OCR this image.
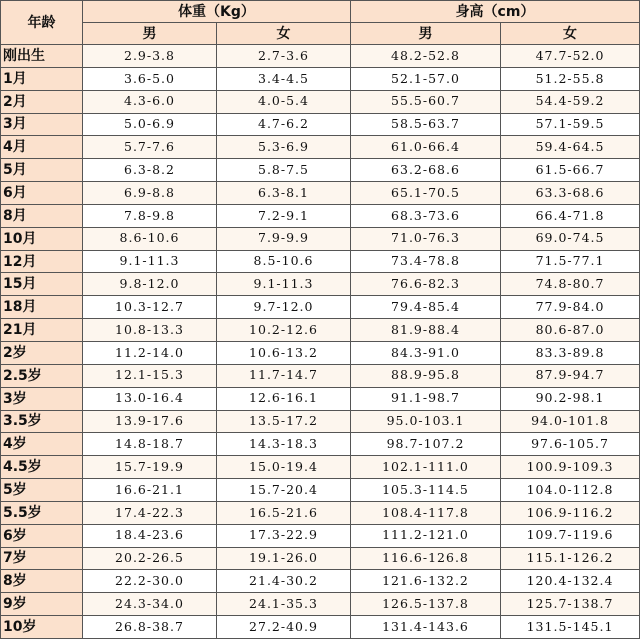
年龄	体重（Kg）		身高（cm）	
	男	女	男	女
刚出生	2.9-3.8	2.7-3.6	48.2-52.8	47.7-52.0
1月	3.6-5.0	3.4-4.5	52.1-57.0	51.2-55.8
2月	4.3-6.0	4.0-5.4	55.5-60.7	54.4-59.2
3月	5.0-6.9	4.7-6.2	58.5-63.7	57.1-59.5
4月	5.7-7.6	5.3-6.9	61.0-66.4	59.4-64.5
5月	6.3-8.2	5.8-7.5	63.2-68.6	61.5-66.7
6月	6.9-8.8	6.3-8.1	65.1-70.5	63.3-68.6
8月	7.8-9.8	7.2-9.1	68.3-73.6	66.4-71.8
10月	8.6-10.6	7.9-9.9	71.0-76.3	69.0-74.5
12月	9.1-11.3	8.5-10.6	73.4-78.8	71.5-77.1
15月	9.8-12.0	9.1-11.3	76.6-82.3	74.8-80.7
18月	10.3-12.7	9.7-12.0	79.4-85.4	77.9-84.0
21月	10.8-13.3	10.2-12.6	81.9-88.4	80.6-87.0
2岁	11.2-14.0	10.6-13.2	84.3-91.0	83.3-89.8
2.5岁	12.1-15.3	11.7-14.7	88.9-95.8	87.9-94.7
3岁	13.0-16.4	12.6-16.1	91.1-98.7	90.2-98.1
3.5岁	13.9-17.6	13.5-17.2	95.0-103.1	94.0-101.8
4岁	14.8-18.7	14.3-18.3	98.7-107.2	97.6-105.7
4.5岁	15.7-19.9	15.0-19.4	102.1-111.0	100.9-109.3
5岁	16.6-21.1	15.7-20.4	105.3-114.5	104.0-112.8
5.5岁	17.4-22.3	16.5-21.6	108.4-117.8	106.9-116.2
6岁	18.4-23.6	17.3-22.9	111.2-121.0	109.7-119.6
7岁	20.2-26.5	19.1-26.0	116.6-126.8	115.1-126.2
8岁	22.2-30.0	21.4-30.2	121.6-132.2	120.4-132.4
9岁	24.3-34.0	24.1-35.3	126.5-137.8	125.7-138.7
10岁	26.8-38.7	27.2-40.9	131.4-143.6	131.5-145.1
